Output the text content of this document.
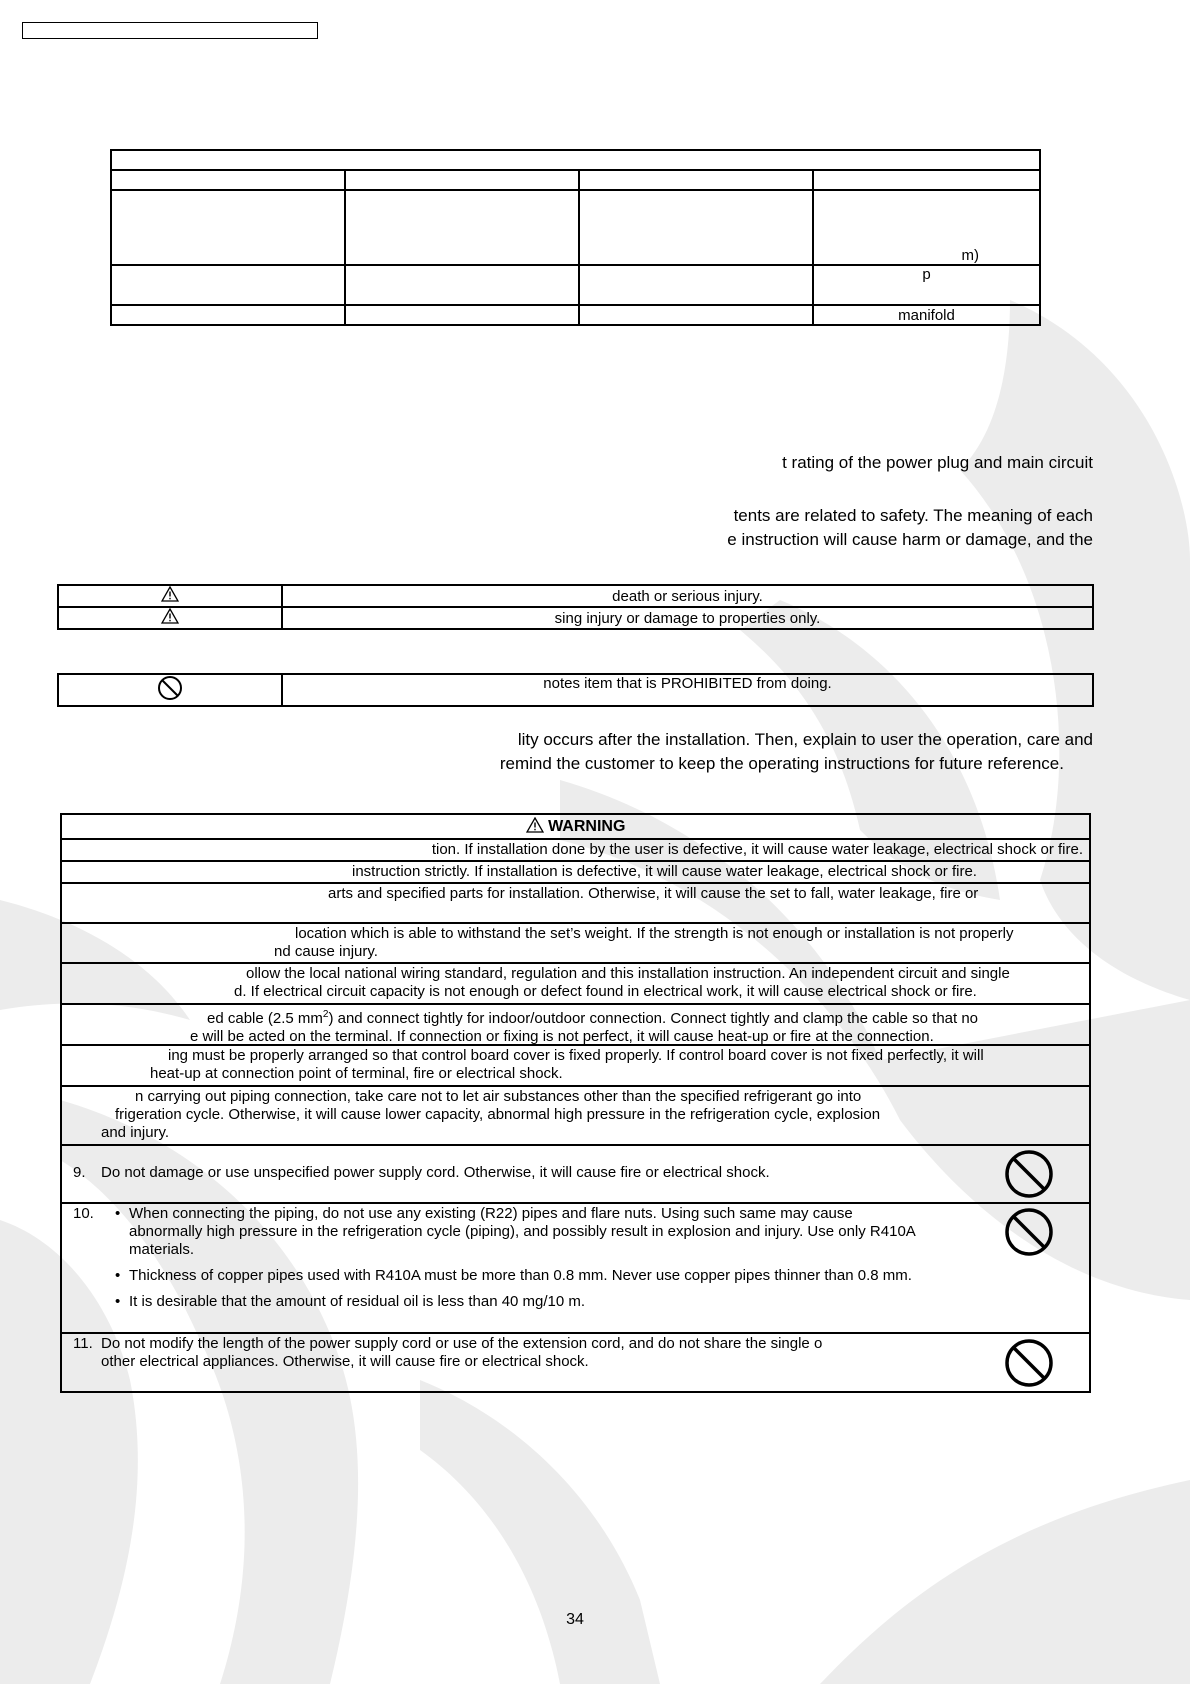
			m)
			p
			manifold
t rating of the power plug and main circuit
tents are related to safety. The meaning of each
e instruction will cause harm or damage, and the
	death or serious injury.
	sing injury or damage to properties only.
	notes item that is PROHIBITED from doing.
lity occurs after the installation. Then, explain to user the operation, care and
remind the customer to keep the operating instructions for future reference.
WARNING
tion. If installation done by the user is defective, it will cause water leakage, electrical shock or fire.
instruction strictly. If installation is defective, it will cause water leakage, electrical shock or fire.
arts and specified parts for installation. Otherwise, it will cause the set to fall, water leakage, fire or
location which is able to withstand the set’s weight. If the strength is not enough or installation is not properly
nd cause injury.
ollow the local national wiring standard, regulation and this installation instruction. An independent circuit and single
d. If electrical circuit capacity is not enough or defect found in electrical work, it will cause electrical shock or fire.
ed cable (2.5 $mm^2$) and connect tightly for indoor/outdoor connection. Connect tightly and clamp the cable so that no
e will be acted on the terminal. If connection or fixing is not perfect, it will cause heat-up or fire at the connection.
ing must be properly arranged so that control board cover is fixed properly. If control board cover is not fixed perfectly, it will
heat-up at connection point of terminal, fire or electrical shock.
n carrying out piping connection, take care not to let air substances other than the specified refrigerant go into
frigeration cycle. Otherwise, it will cause lower capacity, abnormal high pressure in the refrigeration cycle, explosion
and injury.
9. Do not damage or use unspecified power supply cord. Otherwise, it will cause fire or electrical shock.
10.
•	When connecting the piping, do not use any existing (R22) pipes and flare nuts. Using such same may cause abnormally high pressure in the refrigeration cycle (piping), and possibly result in explosion and injury. Use only R410A materials.
• Thickness of copper pipes used with R410A must be more than 0.8 mm. Never use copper pipes thinner than 0.8 mm.
• It is desirable that the amount of residual oil is less than 40 mg/10 m.
11. Do not modify the length of the power supply cord or use of the extension cord, and do not share the single o
other electrical appliances. Otherwise, it will cause fire or electrical shock.
34
